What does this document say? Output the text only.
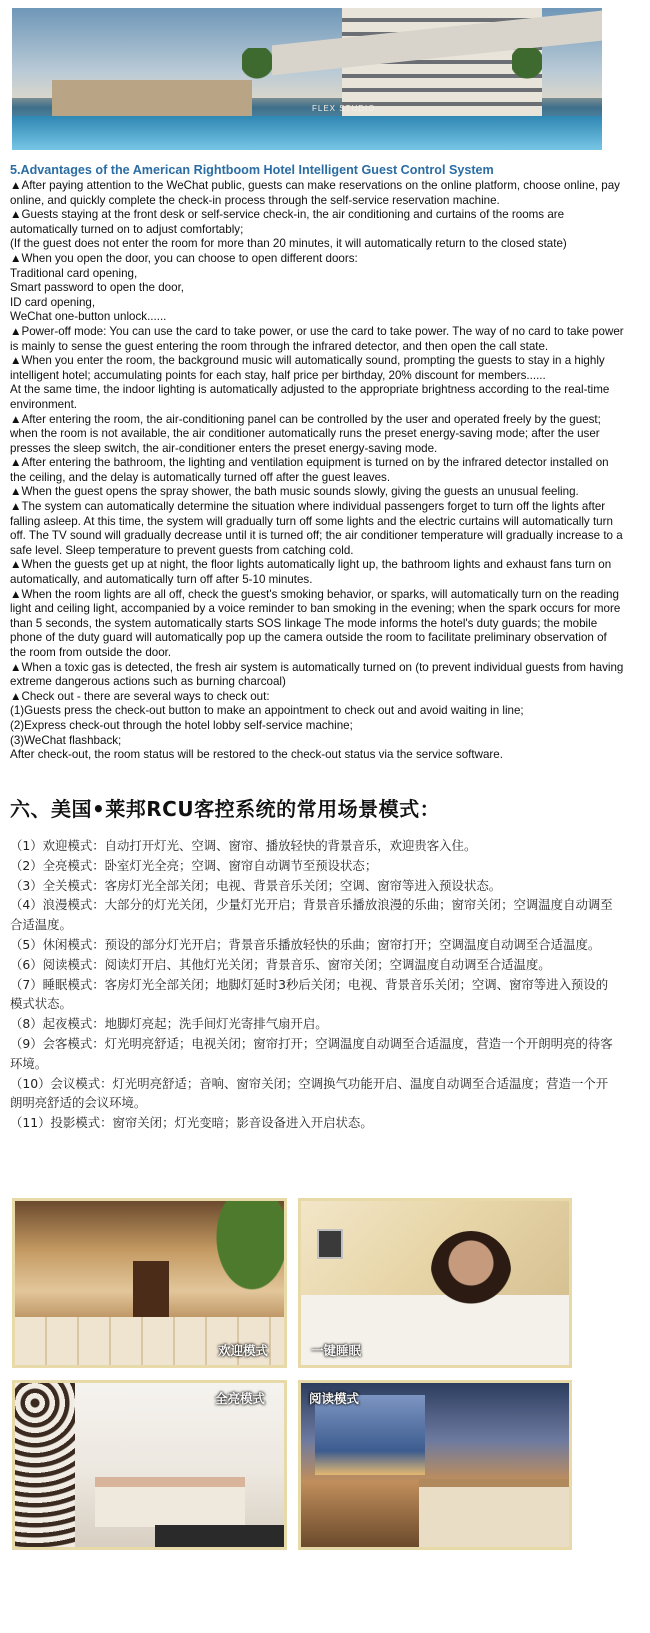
FLEX STUDIO

5.Advantages of the American Rightboom Hotel Intelligent Guest Control System

▲After paying attention to the WeChat public, guests can make reservations on the online platform, choose online, pay online, and quickly complete the check-in process through the self-service reservation machine.

▲Guests staying at the front desk or self-service check-in, the air conditioning and curtains of the rooms are automatically turned on to adjust comfortably;

(If the guest does not enter the room for more than 20 minutes, it will automatically return to the closed state)

▲When you open the door, you can choose to open different doors:

Traditional card opening,

Smart password to open the door,

ID card opening,

WeChat one-button unlock......

▲Power-off mode: You can use the card to take power, or use the card to take power. The way of no card to take power is mainly to sense the guest entering the room through the infrared detector, and then open the call state.

▲When you enter the room, the background music will automatically sound, prompting the guests to stay in a highly intelligent hotel; accumulating points for each stay, half price per birthday, 20% discount for members......

At the same time, the indoor lighting is automatically adjusted to the appropriate brightness according to the real-time environment.

▲After entering the room, the air-conditioning panel can be controlled by the user and operated freely by the guest; when the room is not available, the air conditioner automatically runs the preset energy-saving mode; after the user presses the sleep switch, the air-conditioner enters the preset energy-saving mode.

▲After entering the bathroom, the lighting and ventilation equipment is turned on by the infrared detector installed on the ceiling, and the delay is automatically turned off after the guest leaves.

▲When the guest opens the spray shower, the bath music sounds slowly, giving the guests an unusual feeling.

▲The system can automatically determine the situation where individual passengers forget to turn off the lights after falling asleep. At this time, the system will gradually turn off some lights and the electric curtains will automatically turn off. The TV sound will gradually decrease until it is turned off; the air conditioner temperature will gradually increase to a safe level. Sleep temperature to prevent guests from catching cold.

▲When the guests get up at night, the floor lights automatically light up, the bathroom lights and exhaust fans turn on automatically, and automatically turn off after 5-10 minutes.

▲When the room lights are all off, check the guest's smoking behavior, or sparks, will automatically turn on the reading light and ceiling light, accompanied by a voice reminder to ban smoking in the evening; when the spark occurs for more than 5 seconds, the system automatically starts SOS linkage The mode informs the hotel's duty guards; the mobile phone of the duty guard will automatically pop up the camera outside the room to facilitate preliminary observation of the room from outside the door.

▲When a toxic gas is detected, the fresh air system is automatically turned on (to prevent individual guests from having extreme dangerous actions such as burning charcoal)

▲Check out - there are several ways to check out:

(1)Guests press the check-out button to make an appointment to check out and avoid waiting in line;

(2)Express check-out through the hotel lobby self-service machine;

(3)WeChat flashback;

After check-out, the room status will be restored to the check-out status via the service software.

六、美国•莱邦RCU客控系统的常用场景模式：

（1）欢迎模式：自动打开灯光、空调、窗帘、播放轻快的背景音乐，欢迎贵客入住。

（2）全亮模式：卧室灯光全亮；空调、窗帘自动调节至预设状态；

（3）全关模式：客房灯光全部关闭；电视、背景音乐关闭；空调、窗帘等进入预设状态。

（4）浪漫模式：大部分的灯光关闭，少量灯光开启；背景音乐播放浪漫的乐曲；窗帘关闭；空调温度自动调至合适温度。

（5）休闲模式：预设的部分灯光开启；背景音乐播放轻快的乐曲；窗帘打开；空调温度自动调至合适温度。

（6）阅读模式：阅读灯开启、其他灯光关闭；背景音乐、窗帘关闭；空调温度自动调至合适温度。

（7）睡眠模式：客房灯光全部关闭；地脚灯延时3秒后关闭；电视、背景音乐关闭；空调、窗帘等进入预设的模式状态。

（8）起夜模式：地脚灯亮起；洗手间灯光寄排气扇开启。

（9）会客模式：灯光明亮舒适；电视关闭；窗帘打开；空调温度自动调至合适温度，营造一个开朗明亮的待客环境。

（10）会议模式：灯光明亮舒适；音响、窗帘关闭；空调换气功能开启、温度自动调至合适温度；营造一个开朗明亮舒适的会议环境。

（11）投影模式：窗帘关闭；灯光变暗；影音设备进入开启状态。

欢迎模式	一键睡眠
全亮模式	阅读模式
